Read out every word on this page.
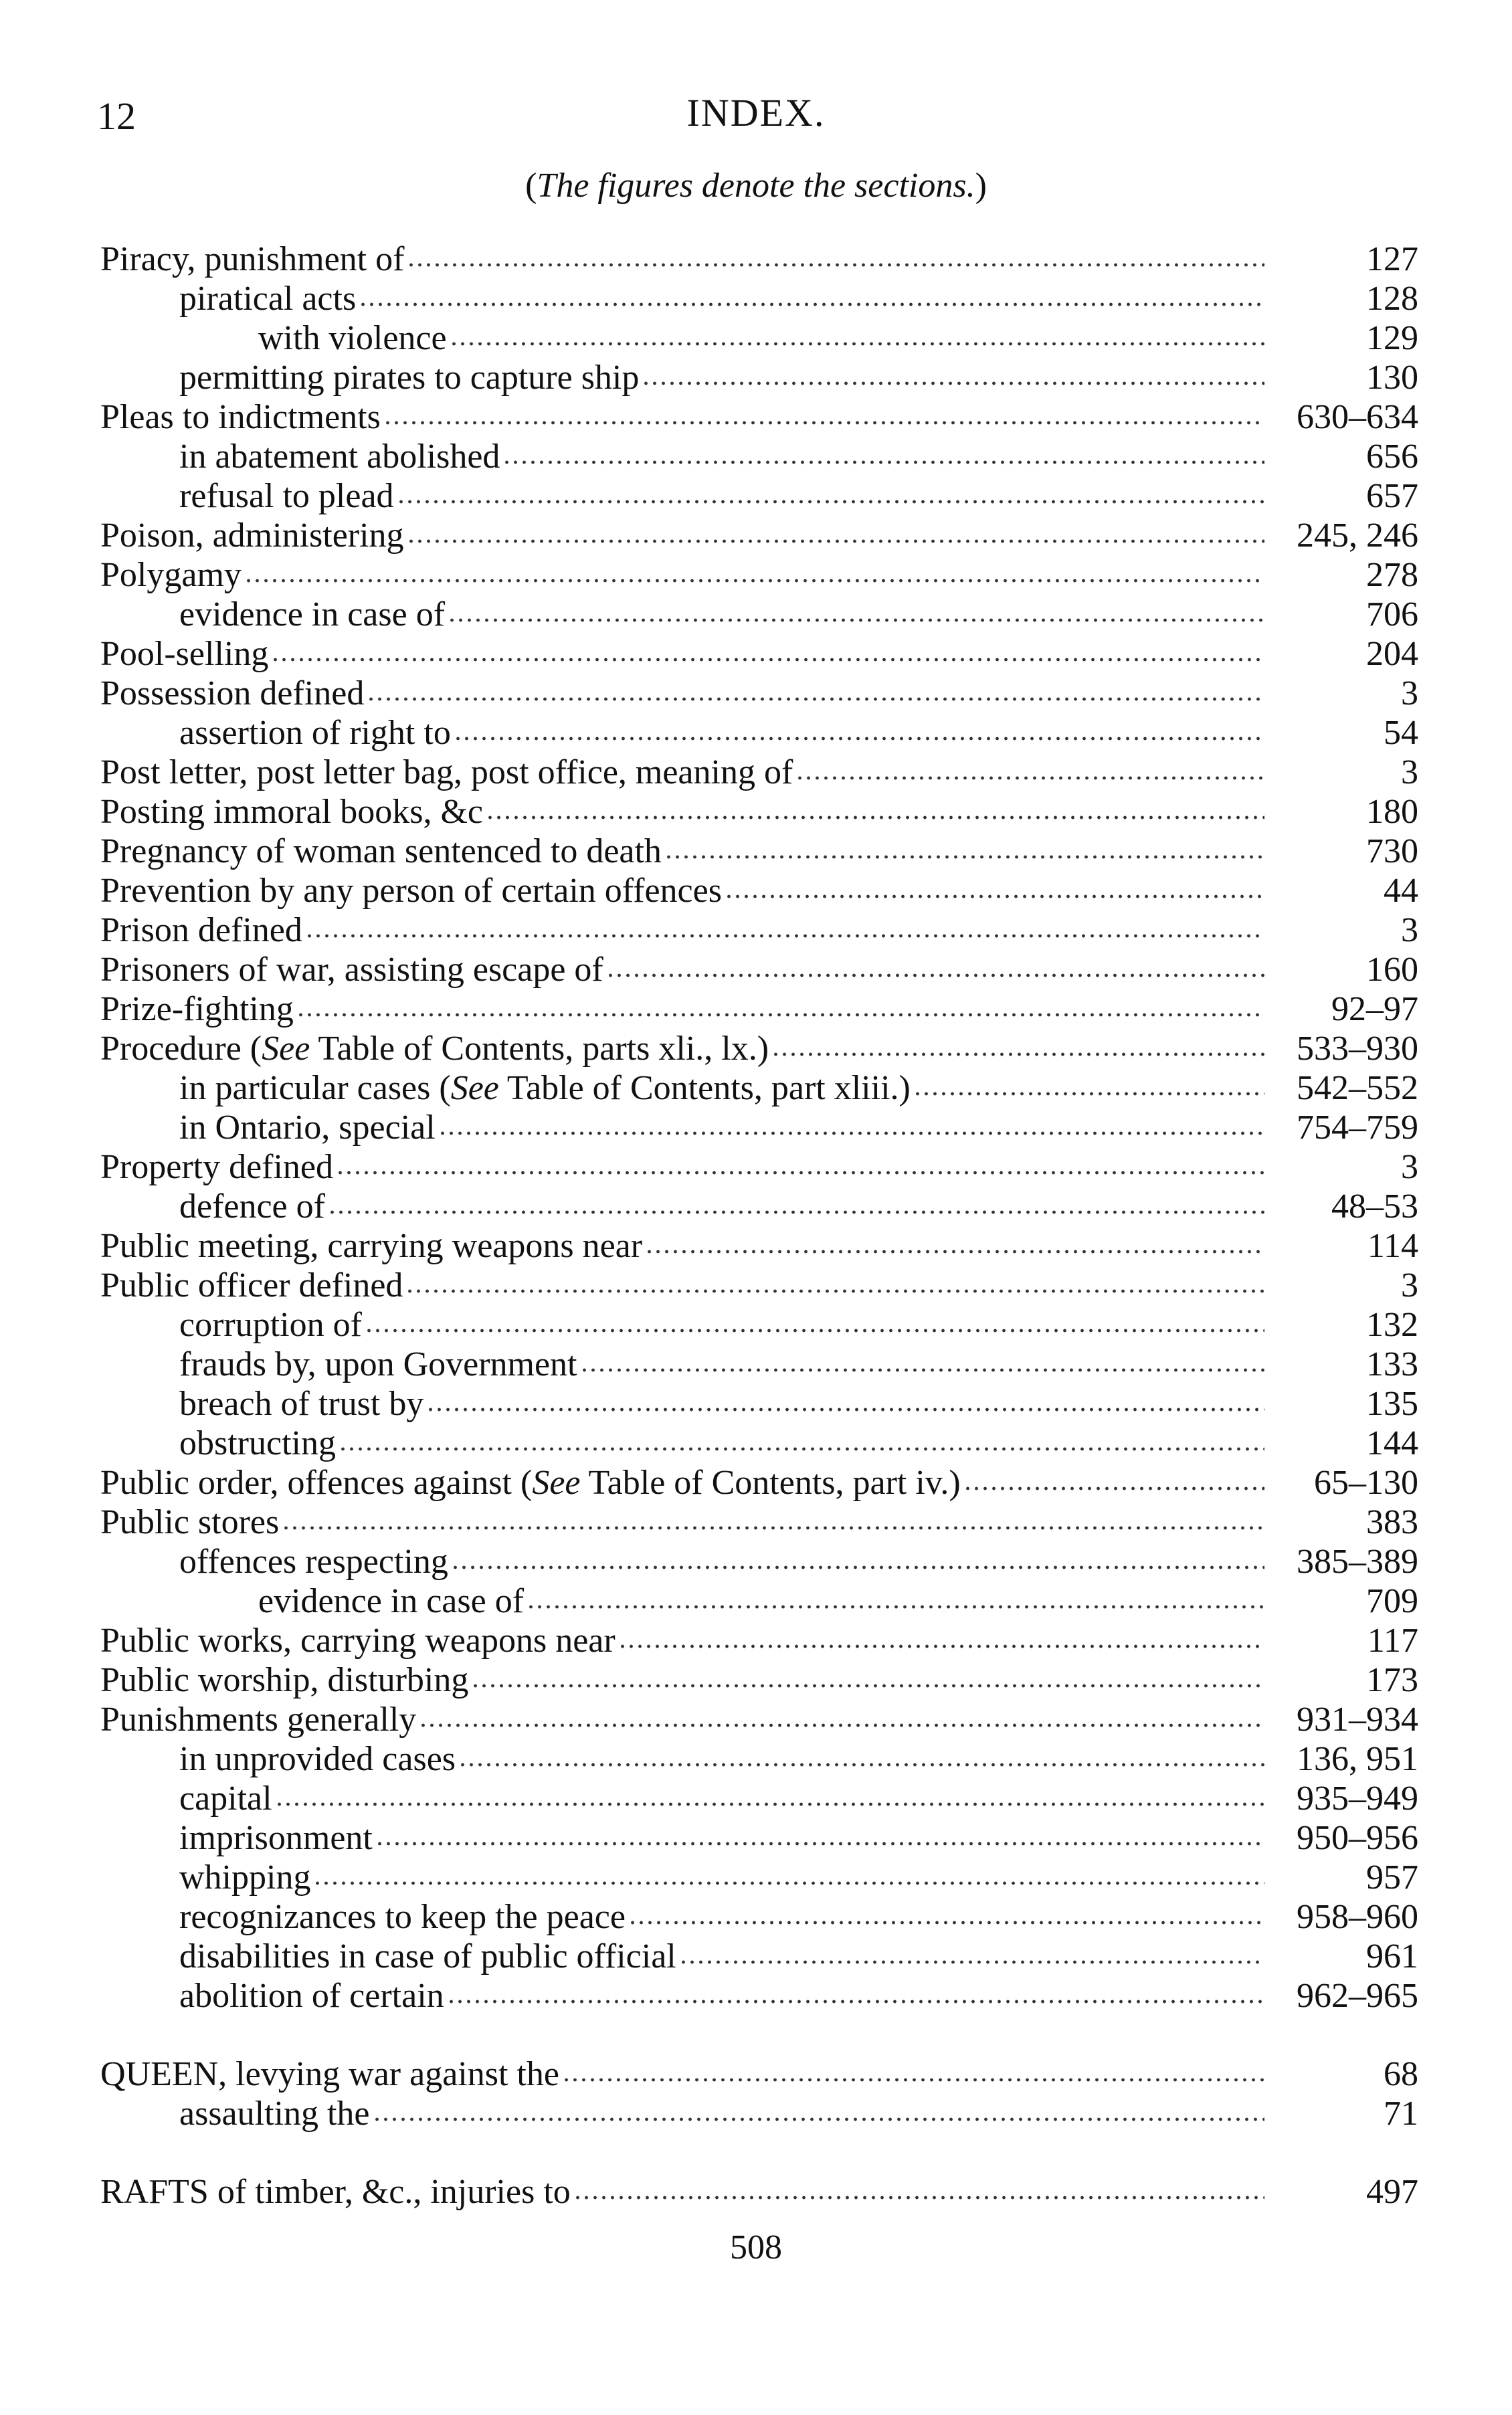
12	INDEX.
(The figures denote the sections.)
Piracy, punishment of	127
piratical acts	128
with violence	129
permitting pirates to capture ship	130
Pleas to indictments	630–634
in abatement abolished	656
refusal to plead	657
Poison, administering	245, 246
Polygamy	278
evidence in case of	706
Pool-selling	204
Possession defined	3
assertion of right to	54
Post letter, post letter bag, post office, meaning of	3
Posting immoral books, &c	180
Pregnancy of woman sentenced to death	730
Prevention by any person of certain offences	44
Prison defined	3
Prisoners of war, assisting escape of	160
Prize-fighting	92–97
Procedure (See Table of Contents, parts xli., lx.)	533–930
in particular cases (See Table of Contents, part xliii.)	542–552
in Ontario, special	754–759
Property defined	3
defence of	48–53
Public meeting, carrying weapons near	114
Public officer defined	3
corruption of	132
frauds by, upon Government	133
breach of trust by	135
obstructing	144
Public order, offences against (See Table of Contents, part iv.)	65–130
Public stores	383
offences respecting	385–389
evidence in case of	709
Public works, carrying weapons near	117
Public worship, disturbing	173
Punishments generally	931–934
in unprovided cases	136, 951
capital	935–949
imprisonment	950–956
whipping	957
recognizances to keep the peace	958–960
disabilities in case of public official	961
abolition of certain	962–965
QUEEN, levying war against the	68
assaulting the	71
RAFTS of timber, &c., injuries to	497
508
